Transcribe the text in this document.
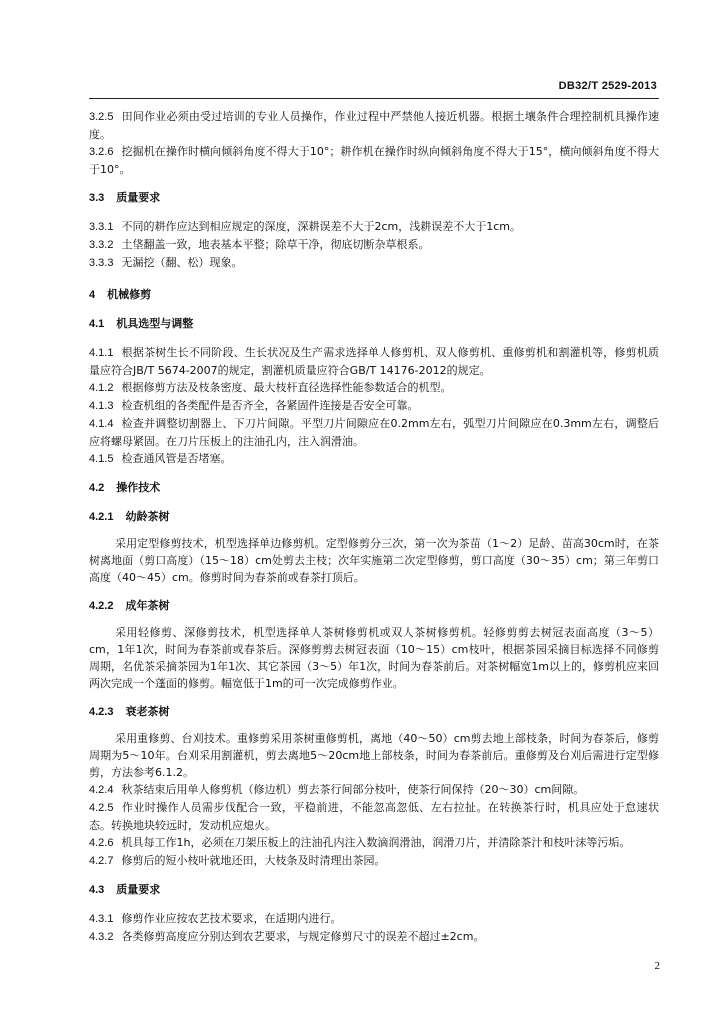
DB32/T 2529-2013
3.2.5 田间作业必须由受过培训的专业人员操作，作业过程中严禁他人接近机器。根据土壤条件合理控制机具操作速度。
3.2.6 挖掘机在操作时横向倾斜角度不得大于10°；耕作机在操作时纵向倾斜角度不得大于15°，横向倾斜角度不得大于10°。
3.3 质量要求
3.3.1 不同的耕作应达到相应规定的深度，深耕误差不大于2cm，浅耕误差不大于1cm。
3.3.2 土垡翻盖一致，地表基本平整；除草干净，彻底切断杂草根系。
3.3.3 无漏挖（翻、松）现象。
4 机械修剪
4.1 机具选型与调整
4.1.1 根据茶树生长不同阶段、生长状况及生产需求选择单人修剪机、双人修剪机、重修剪机和割灌机等，修剪机质量应符合JB/T 5674-2007的规定，割灌机质量应符合GB/T 14176-2012的规定。
4.1.2 根据修剪方法及枝条密度、最大枝杆直径选择性能参数适合的机型。
4.1.3 检查机组的各类配件是否齐全，各紧固件连接是否安全可靠。
4.1.4 检查并调整切割器上、下刀片间隙。平型刀片间隙应在0.2mm左右，弧型刀片间隙应在0.3mm左右，调整后应将螺母紧固。在刀片压板上的注油孔内，注入润滑油。
4.1.5 检查通风管是否堵塞。
4.2 操作技术
4.2.1 幼龄茶树
采用定型修剪技术，机型选择单边修剪机。定型修剪分三次，第一次为茶苗（1～2）足龄、苗高30cm时，在茶树离地面（剪口高度）（15～18）cm处剪去主枝；次年实施第二次定型修剪，剪口高度（30～35）cm；第三年剪口高度（40～45）cm。修剪时间为春茶前或春茶打顶后。
4.2.2 成年茶树
采用轻修剪、深修剪技术，机型选择单人茶树修剪机或双人茶树修剪机。轻修剪剪去树冠表面高度（3～5）cm，1年1次，时间为春茶前或春茶后。深修剪剪去树冠表面（10～15）cm枝叶，根据茶园采摘目标选择不同修剪周期，名优茶采摘茶园为1年1次、其它茶园（3～5）年1次，时间为春茶前后。对茶树幅宽1m以上的，修剪机应来回两次完成一个蓬面的修剪。幅宽低于1m的可一次完成修剪作业。
4.2.3 衰老茶树
采用重修剪、台刈技术。重修剪采用茶树重修剪机，离地（40～50）cm剪去地上部枝条，时间为春茶后，修剪周期为5～10年。台刈采用割灌机，剪去离地5～20cm地上部枝条，时间为春茶前后。重修剪及台刈后需进行定型修剪，方法参考6.1.2。
4.2.4 秋茶结束后用单人修剪机（修边机）剪去茶行间部分枝叶，使茶行间保持（20～30）cm间隙。
4.2.5 作业时操作人员需步伐配合一致，平稳前进，不能忽高忽低、左右拉扯。在转换茶行时，机具应处于怠速状态。转换地块较远时，发动机应熄火。
4.2.6 机具每工作1h，必须在刀架压板上的注油孔内注入数滴润滑油，润滑刀片，并清除茶汁和枝叶沫等污垢。
4.2.7 修剪后的短小枝叶就地还田，大枝条及时清理出茶园。
4.3 质量要求
4.3.1 修剪作业应按农艺技术要求，在适期内进行。
4.3.2 各类修剪高度应分别达到农艺要求，与规定修剪尺寸的误差不超过±2cm。
2
